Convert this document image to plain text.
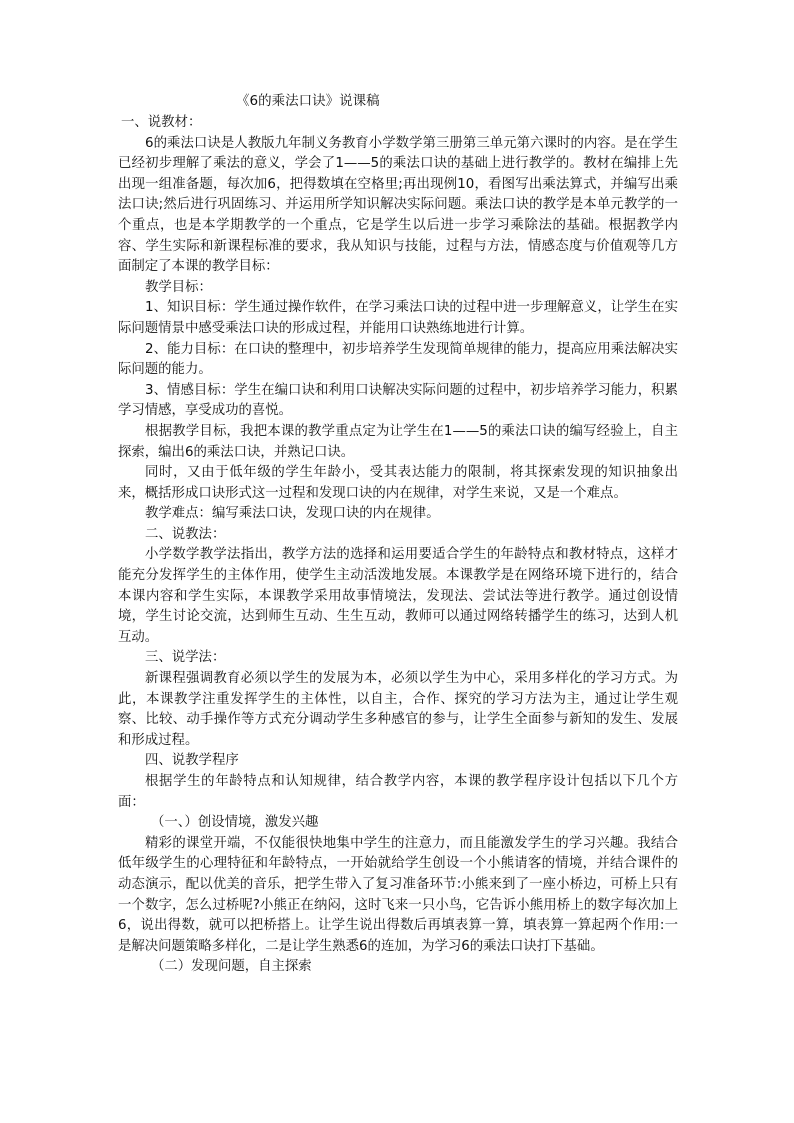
《6的乘法口诀》说课稿

一、说教材：

6的乘法口诀是人教版九年制义务教育小学数学第三册第三单元第六课时的内容。是在学生已经初步理解了乘法的意义，学会了1——5的乘法口诀的基础上进行教学的。教材在编排上先出现一组准备题，每次加6，把得数填在空格里;再出现例10，看图写出乘法算式，并编写出乘法口诀;然后进行巩固练习、并运用所学知识解决实际问题。乘法口诀的教学是本单元教学的一个重点，也是本学期教学的一个重点，它是学生以后进一步学习乘除法的基础。根据教学内容、学生实际和新课程标准的要求，我从知识与技能，过程与方法，情感态度与价值观等几方面制定了本课的教学目标：

教学目标：

1、知识目标：学生通过操作软件，在学习乘法口诀的过程中进一步理解意义，让学生在实际问题情景中感受乘法口诀的形成过程，并能用口诀熟练地进行计算。

2、能力目标：在口诀的整理中，初步培养学生发现简单规律的能力，提高应用乘法解决实际问题的能力。

3、情感目标：学生在编口诀和利用口诀解决实际问题的过程中，初步培养学习能力，积累学习情感，享受成功的喜悦。

根据教学目标，我把本课的教学重点定为让学生在1——5的乘法口诀的编写经验上，自主探索，编出6的乘法口诀，并熟记口诀。

同时，又由于低年级的学生年龄小，受其表达能力的限制，将其探索发现的知识抽象出来，概括形成口诀形式这一过程和发现口诀的内在规律，对学生来说，又是一个难点。

教学难点：编写乘法口诀，发现口诀的内在规律。

二、说教法：

小学数学教学法指出，教学方法的选择和运用要适合学生的年龄特点和教材特点，这样才能充分发挥学生的主体作用，使学生主动活泼地发展。本课教学是在网络环境下进行的，结合本课内容和学生实际，本课教学采用故事情境法，发现法、尝试法等进行教学。通过创设情境，学生讨论交流，达到师生互动、生生互动，教师可以通过网络转播学生的练习，达到人机互动。

三、说学法：

新课程强调教育必须以学生的发展为本，必须以学生为中心，采用多样化的学习方式。为此，本课教学注重发挥学生的主体性，以自主，合作、探究的学习方法为主，通过让学生观察、比较、动手操作等方式充分调动学生多种感官的参与，让学生全面参与新知的发生、发展和形成过程。

四、说教学程序

根据学生的年龄特点和认知规律，结合教学内容，本课的教学程序设计包括以下几个方面：

（一、）创设情境，激发兴趣

精彩的课堂开端，不仅能很快地集中学生的注意力，而且能激发学生的学习兴趣。我结合低年级学生的心理特征和年龄特点，一开始就给学生创设一个小熊请客的情境，并结合课件的动态演示，配以优美的音乐，把学生带入了复习准备环节:小熊来到了一座小桥边，可桥上只有一个数字，怎么过桥呢?小熊正在纳闷，这时飞来一只小鸟，它告诉小熊用桥上的数字每次加上6，说出得数，就可以把桥搭上。让学生说出得数后再填表算一算，填表算一算起两个作用:一是解决问题策略多样化，二是让学生熟悉6的连加，为学习6的乘法口诀打下基础。

（二）发现问题，自主探索
